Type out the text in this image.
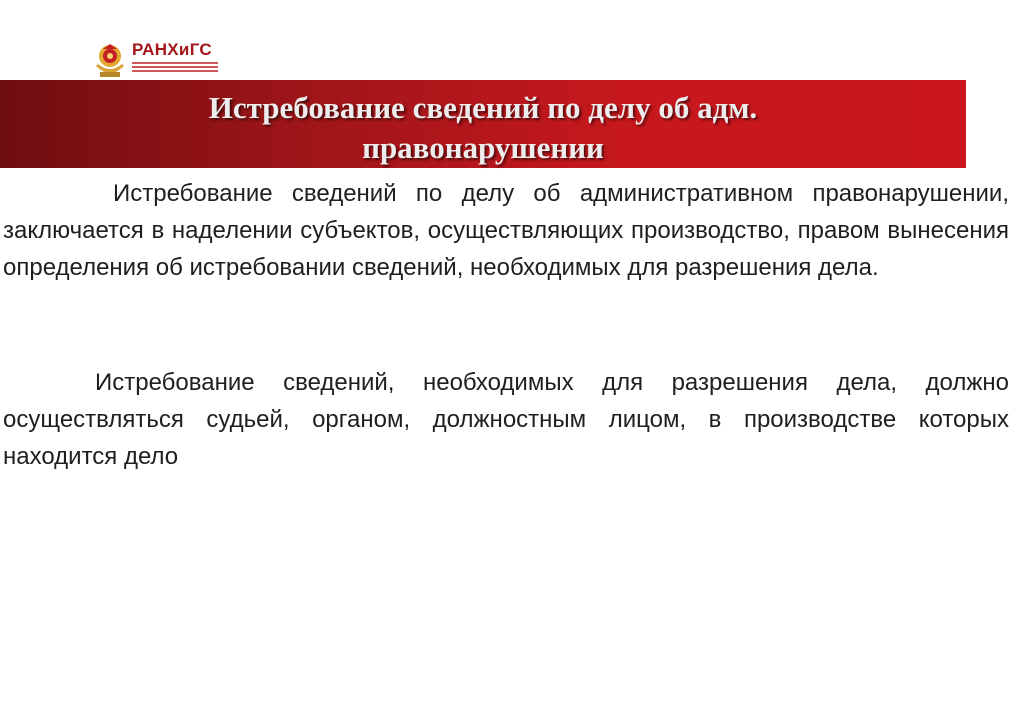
РАНХиГС
Истребование сведений по делу об адм.
правонарушении
Истребование сведений по делу об административном правонарушении, заключается в наделении субъектов, осуществляющих производство, правом вынесения определения об истребовании сведений, необходимых для разрешения дела.
Истребование сведений, необходимых для разрешения дела, должно осуществляться судьей, органом, должностным лицом, в производстве которых находится дело
